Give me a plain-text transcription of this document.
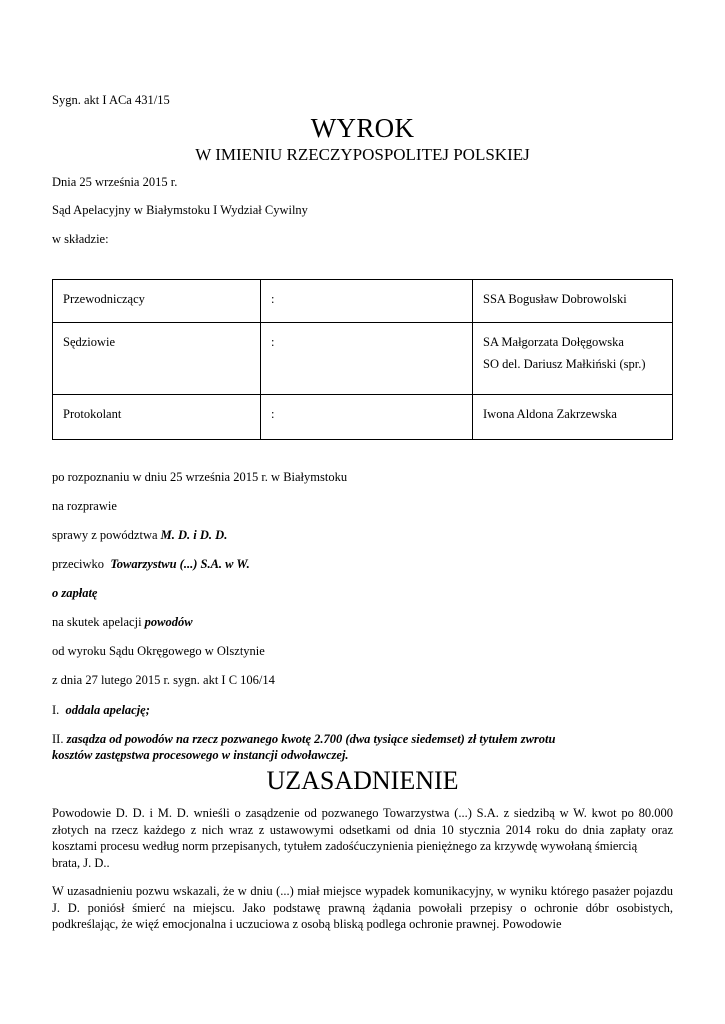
Sygn. akt I ACa 431/15
WYROK
W IMIENIU RZECZYPOSPOLITEJ POLSKIEJ
Dnia 25 września 2015 r.
Sąd Apelacyjny w Białymstoku I Wydział Cywilny
w składzie:
Przewodniczący	:	SSA Bogusław Dobrowolski
Sędziowie	:	SA Małgorzata Dołęgowska
SO del. Dariusz Małkiński (spr.)

Protokolant	:	Iwona Aldona Zakrzewska
po rozpoznaniu w dniu 25 września 2015 r. w Białymstoku
na rozprawie
sprawy z powództwa M. D. i D. D.
przeciwko Towarzystwu (...) S.A. w W.
o zapłatę
na skutek apelacji powodów
od wyroku Sądu Okręgowego w Olsztynie
z dnia 27 lutego 2015 r. sygn. akt I C 106/14
I. oddala apelację;
II. zasądza od powodów na rzecz pozwanego kwotę 2.700 (dwa tysiące siedemset) zł tytułem zwrotu
kosztów zastępstwa procesowego w instancji odwoławczej.
UZASADNIENIE
Powodowie D. D. i M. D. wnieśli o zasądzenie od pozwanego Towarzystwa (...) S.A. z siedzibą w W. kwot po 80.000 złotych na rzecz każdego z nich wraz z ustawowymi odsetkami od dnia 10 stycznia 2014 roku do dnia zapłaty oraz kosztami procesu według norm przepisanych, tytułem zadośćuczynienia pieniężnego za krzywdę wywołaną śmiercią
brata, J. D..
W uzasadnieniu pozwu wskazali, że w dniu (...) miał miejsce wypadek komunikacyjny, w wyniku którego pasażer pojazdu J. D. poniósł śmierć na miejscu. Jako podstawę prawną żądania powołali przepisy o ochronie dóbr osobistych, podkreślając, że więź emocjonalna i uczuciowa z osobą bliską podlega ochronie prawnej. Powodowie
